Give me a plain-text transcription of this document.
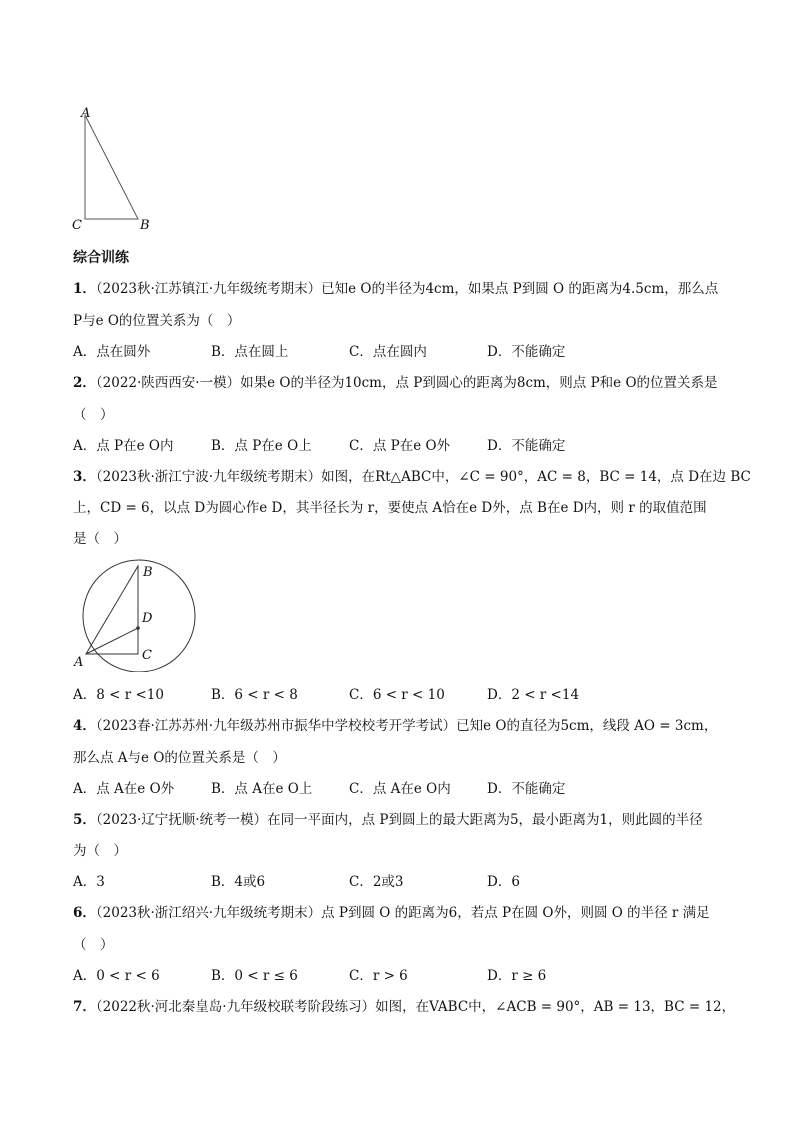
A
C	B
综合训练
1．（2023秋·江苏镇江·九年级统考期末）已知e O的半径为4cm，如果点 P到圆 O 的距离为4.5cm，那么点
P与e O的位置关系为（　）
A．点在圆外	B．点在圆上	C．点在圆内	D．不能确定
2．（2022·陕西西安·一模）如果e O的半径为10cm，点 P到圆心的距离为8cm，则点 P和e O的位置关系是
（　）
A．点 P在e O内	B．点 P在e O上	C．点 P在e O外	D．不能确定
3．（2023秋·浙江宁波·九年级统考期末）如图，在Rt△ABC中，∠C = 90°，AC = 8，BC = 14，点 D在边 BC
上，CD = 6，以点 D为圆心作e D，其半径长为 r，要使点 A恰在e D外，点 B在e D内，则 r 的取值范围
是（　）
B
D
A	C
A．8 < r <10	B．6 < r < 8	C．6 < r < 10	D．2 < r <14
4．（2023春·江苏苏州·九年级苏州市振华中学校校考开学考试）已知e O的直径为5cm，线段 AO = 3cm，
那么点 A与e O的位置关系是（　）
A．点 A在e O外	B．点 A在e O上	C．点 A在e O内	D．不能确定
5．（2023·辽宁抚顺·统考一模）在同一平面内，点 P到圆上的最大距离为5，最小距离为1，则此圆的半径
为（　）
A．3	B．4或6	C．2或3	D．6
6．（2023秋·浙江绍兴·九年级统考期末）点 P到圆 O 的距离为6，若点 P在圆 O外，则圆 O 的半径 r 满足
（　）
A．0 < r < 6	B．0 < r ≤ 6	C．r > 6	D．r ≥ 6
7．（2022秋·河北秦皇岛·九年级校联考阶段练习）如图，在VABC中，∠ACB = 90°，AB = 13，BC = 12，
